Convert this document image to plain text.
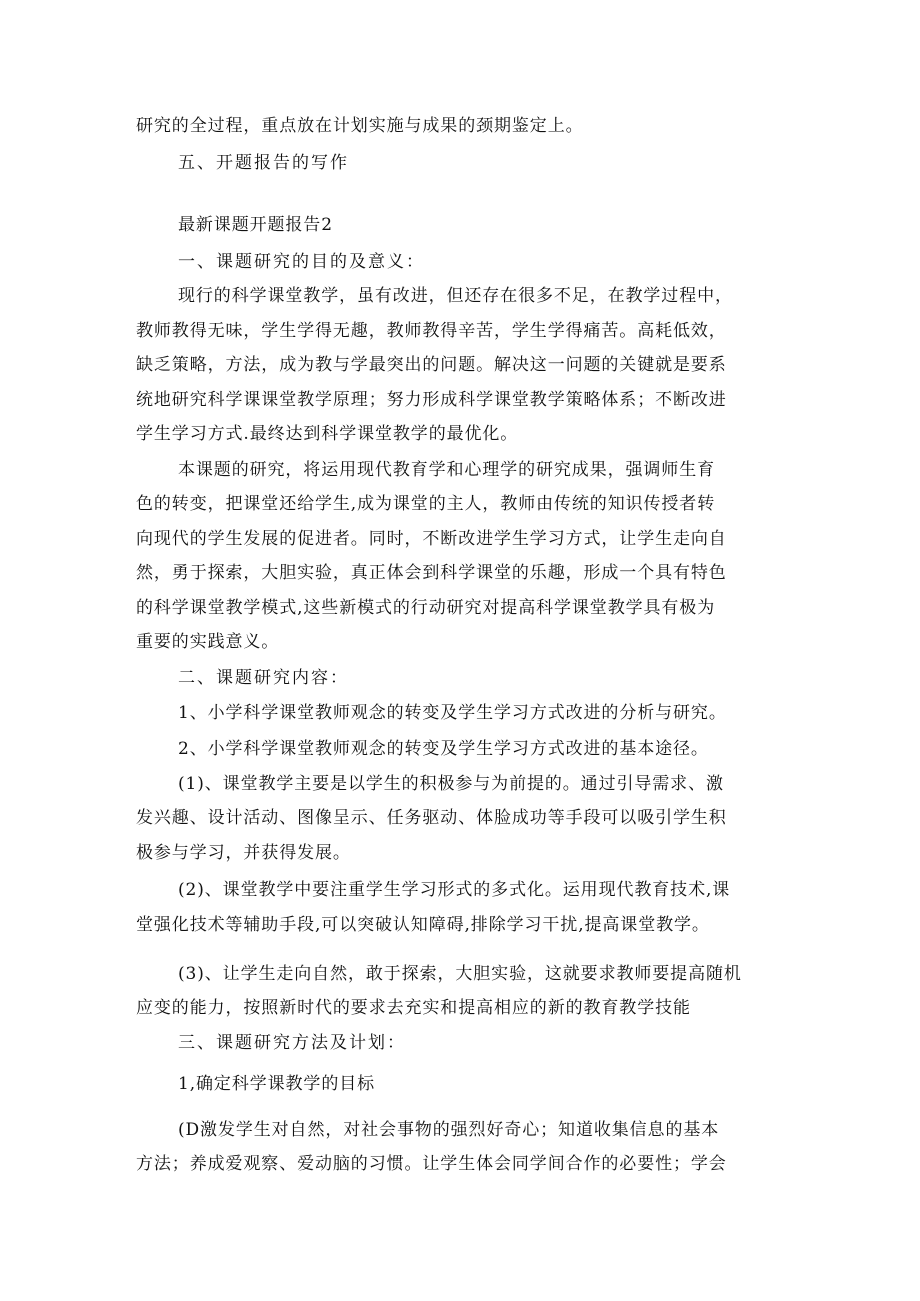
研究的全过程，重点放在计划实施与成果的颈期鉴定上。
五、开题报告的写作
最新课题开题报告2
一、课题研究的目的及意义：
现行的科学课堂教学，虽有改进，但还存在很多不足，在教学过程中，
教师教得无味，学生学得无趣，教师教得辛苦，学生学得痛苦。高耗低效，
缺乏策略，方法，成为教与学最突出的问题。解决这一问题的关键就是要系
统地研究科学课课堂教学原理；努力形成科学课堂教学策略体系；不断改进
学生学习方式.最终达到科学课堂教学的最优化。
本课题的研究，将运用现代教育学和心理学的研究成果，强调师生育
色的转变，把课堂还给学生,成为课堂的主人，教师由传统的知识传授者转
向现代的学生发展的促进者。同时，不断改进学生学习方式，让学生走向自
然，勇于探索，大胆实验，真正体会到科学课堂的乐趣，形成一个具有特色
的科学课堂教学模式,这些新模式的行动研究对提高科学课堂教学具有极为
重要的实践意义。
二、课题研究内容：
1、小学科学课堂教师观念的转变及学生学习方式改进的分析与研究。
2、小学科学课堂教师观念的转变及学生学习方式改进的基本途径。
(1)、课堂教学主要是以学生的积极参与为前提的。通过引导需求、激
发兴趣、设计活动、图像呈示、任务驱动、体脸成功等手段可以吸引学生积
极参与学习，并获得发展。
(2)、课堂教学中要注重学生学习形式的多式化。运用现代教育技术,课
堂强化技术等辅助手段,可以突破认知障碍,排除学习干扰,提高课堂教学。
(3)、让学生走向自然，敢于探索，大胆实验，这就要求教师要提高随机
应变的能力，按照新时代的要求去充实和提高相应的新的教育教学技能
三、课题研究方法及计划：
1,确定科学课教学的目标
(D激发学生对自然，对社会事物的强烈好奇心；知道收集信息的基本
方法；养成爱观察、爱动脑的习惯。让学生体会同学间合作的必要性；学会
